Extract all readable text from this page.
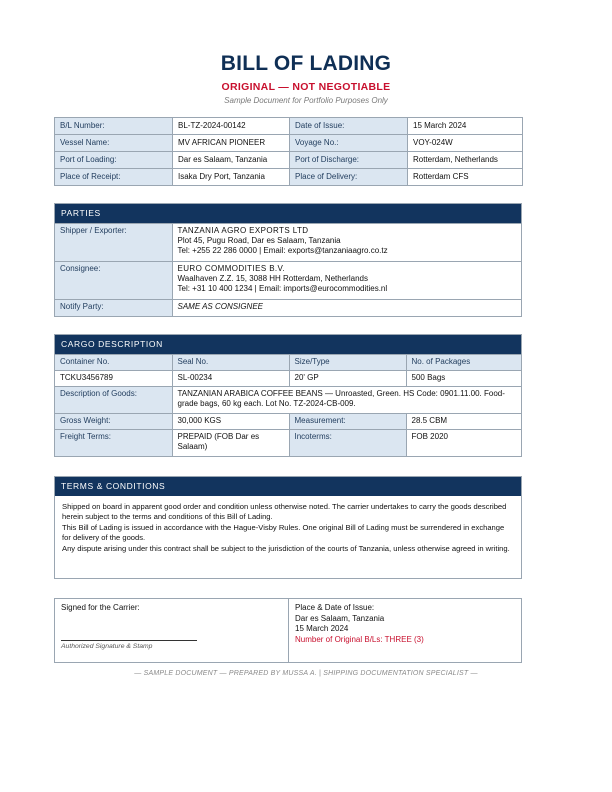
BILL OF LADING
ORIGINAL — NOT NEGOTIABLE
Sample Document for Portfolio Purposes Only
B/L Number:	BL-TZ-2024-00142	Date of Issue:	15 March 2024
Vessel Name:	MV AFRICAN PIONEER	Voyage No.:	VOY-024W
Port of Loading:	Dar es Salaam, Tanzania	Port of Discharge:	Rotterdam, Netherlands
Place of Receipt:	Isaka Dry Port, Tanzania	Place of Delivery:	Rotterdam CFS
PARTIES
Shipper / Exporter:	TANZANIA AGRO EXPORTS LTD
Plot 45, Pugu Road, Dar es Salaam, Tanzania
Tel: +255 22 286 0000 | Email: exports@tanzaniaagro.co.tz

Consignee:	EURO COMMODITIES B.V.
Waalhaven Z.Z. 15, 3088 HH Rotterdam, Netherlands
Tel: +31 10 400 1234 | Email: imports@eurocommodities.nl

Notify Party:	SAME AS CONSIGNEE
CARGO DESCRIPTION
Container No.	Seal No.	Size/Type	No. of Packages
TCKU3456789	SL-00234	20' GP	500 Bags
Description of Goods:	TANZANIAN ARABICA COFFEE BEANS — Unroasted, Green. HS Code: 0901.11.00. Food-grade bags, 60 kg each. Lot No. TZ-2024-CB-009.		
Gross Weight:	30,000 KGS	Measurement:	28.5 CBM
Freight Terms:	PREPAID (FOB Dar es Salaam)	Incoterms:	FOB 2020
TERMS & CONDITIONS

Shipped on board in apparent good order and condition unless otherwise noted. The carrier undertakes to carry the goods described herein subject to the terms and conditions of this Bill of Lading.

This Bill of Lading is issued in accordance with the Hague-Visby Rules. One original Bill of Lading must be surrendered in exchange for delivery of the goods.

Any dispute arising under this contract shall be subject to the jurisdiction of the courts of Tanzania, unless otherwise agreed in writing.

Signed for the Carrier:
Authorized Signature & Stamp
Place & Date of Issue:
Dar es Salaam, Tanzania
15 March 2024
Number of Original B/Ls: THREE (3)
— SAMPLE DOCUMENT — PREPARED BY MUSSA A. | SHIPPING DOCUMENTATION SPECIALIST —
